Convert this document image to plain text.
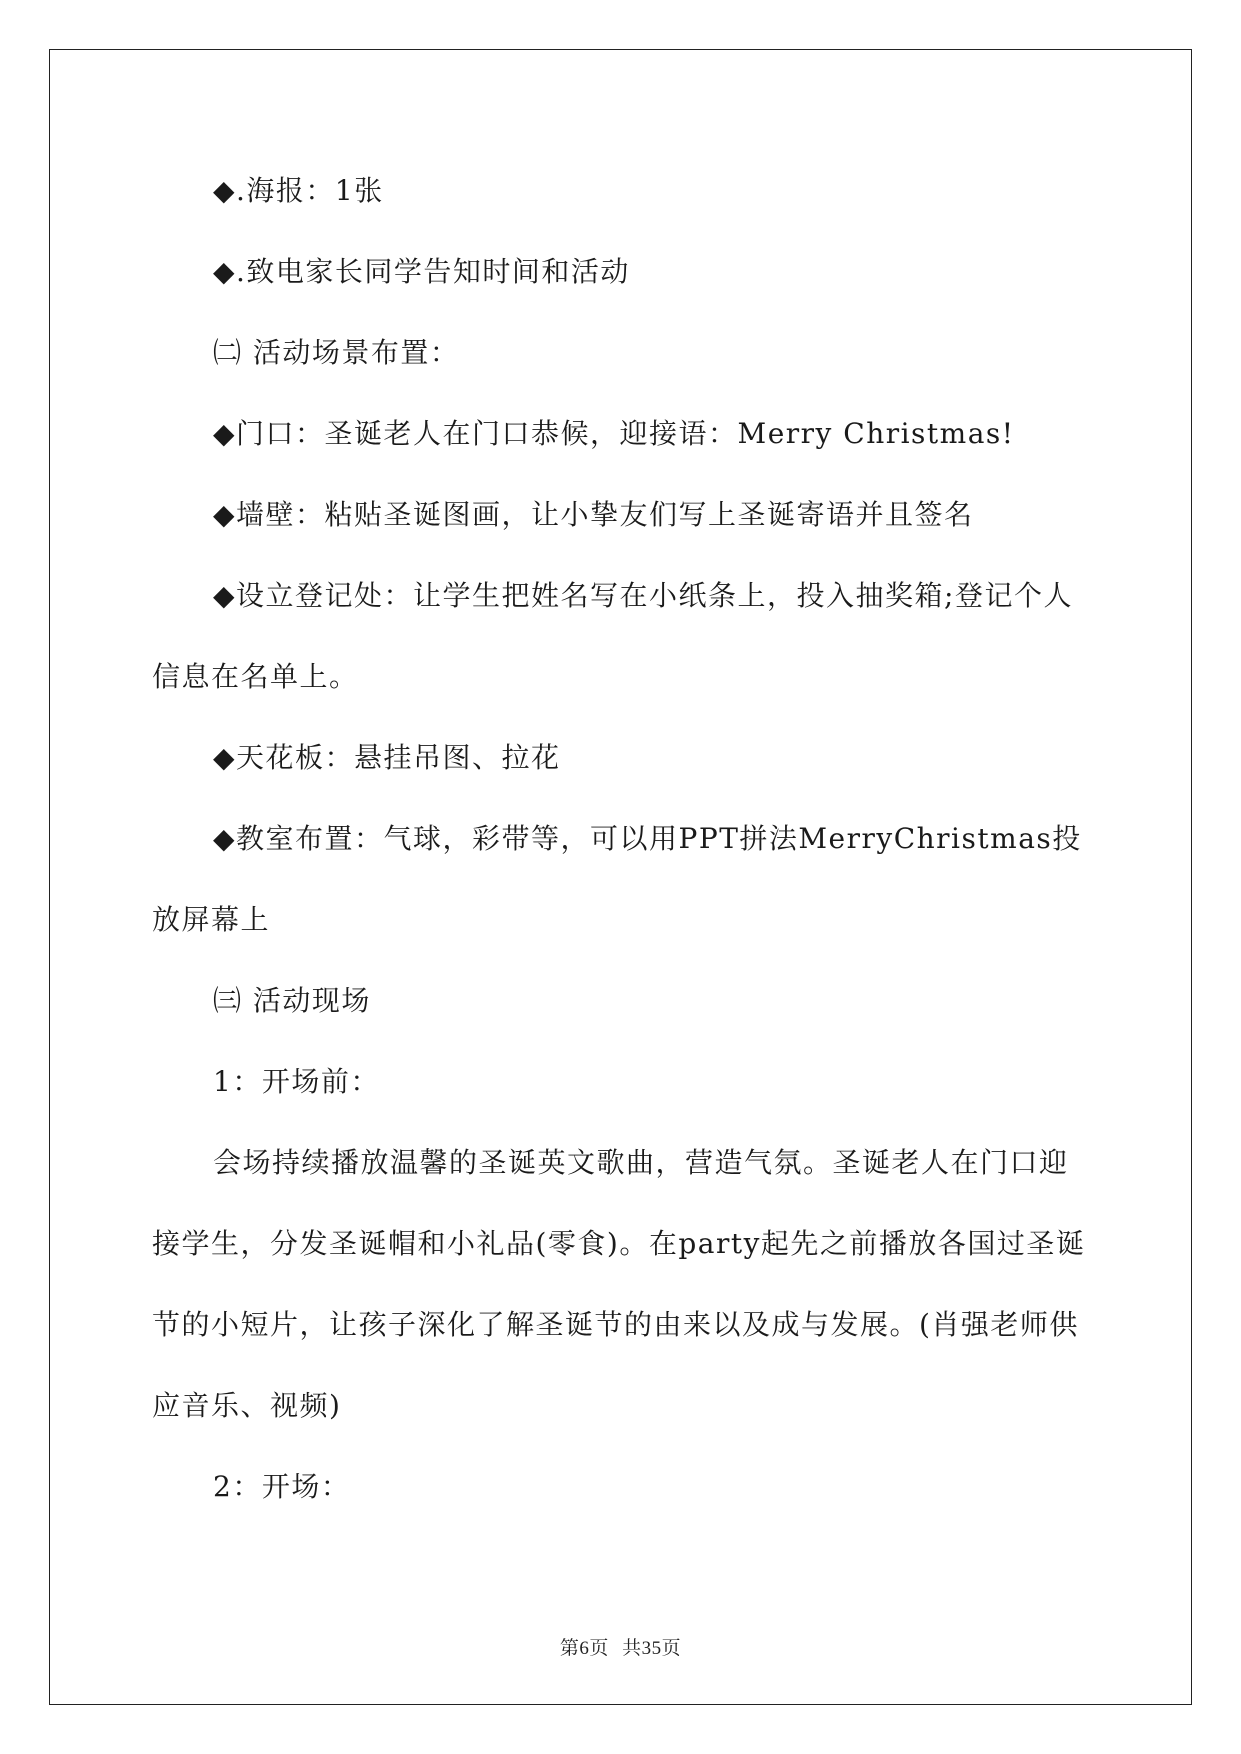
◆.海报：1张

◆.致电家长同学告知时间和活动

㈡ 活动场景布置：

◆门口：圣诞老人在门口恭候，迎接语：Merry Christmas!

◆墙壁：粘贴圣诞图画，让小挚友们写上圣诞寄语并且签名

◆设立登记处：让学生把姓名写在小纸条上，投入抽奖箱;登记个人信息在名单上。

◆天花板：悬挂吊图、拉花

◆教室布置：气球，彩带等，可以用PPT拼法MerryChristmas投放屏幕上

㈢ 活动现场

1：开场前：

会场持续播放温馨的圣诞英文歌曲，营造气氛。圣诞老人在门口迎接学生，分发圣诞帽和小礼品(零食)。在party起先之前播放各国过圣诞节的小短片，让孩子深化了解圣诞节的由来以及成与发展。(肖强老师供应音乐、视频)

2：开场：

第6页 共35页
